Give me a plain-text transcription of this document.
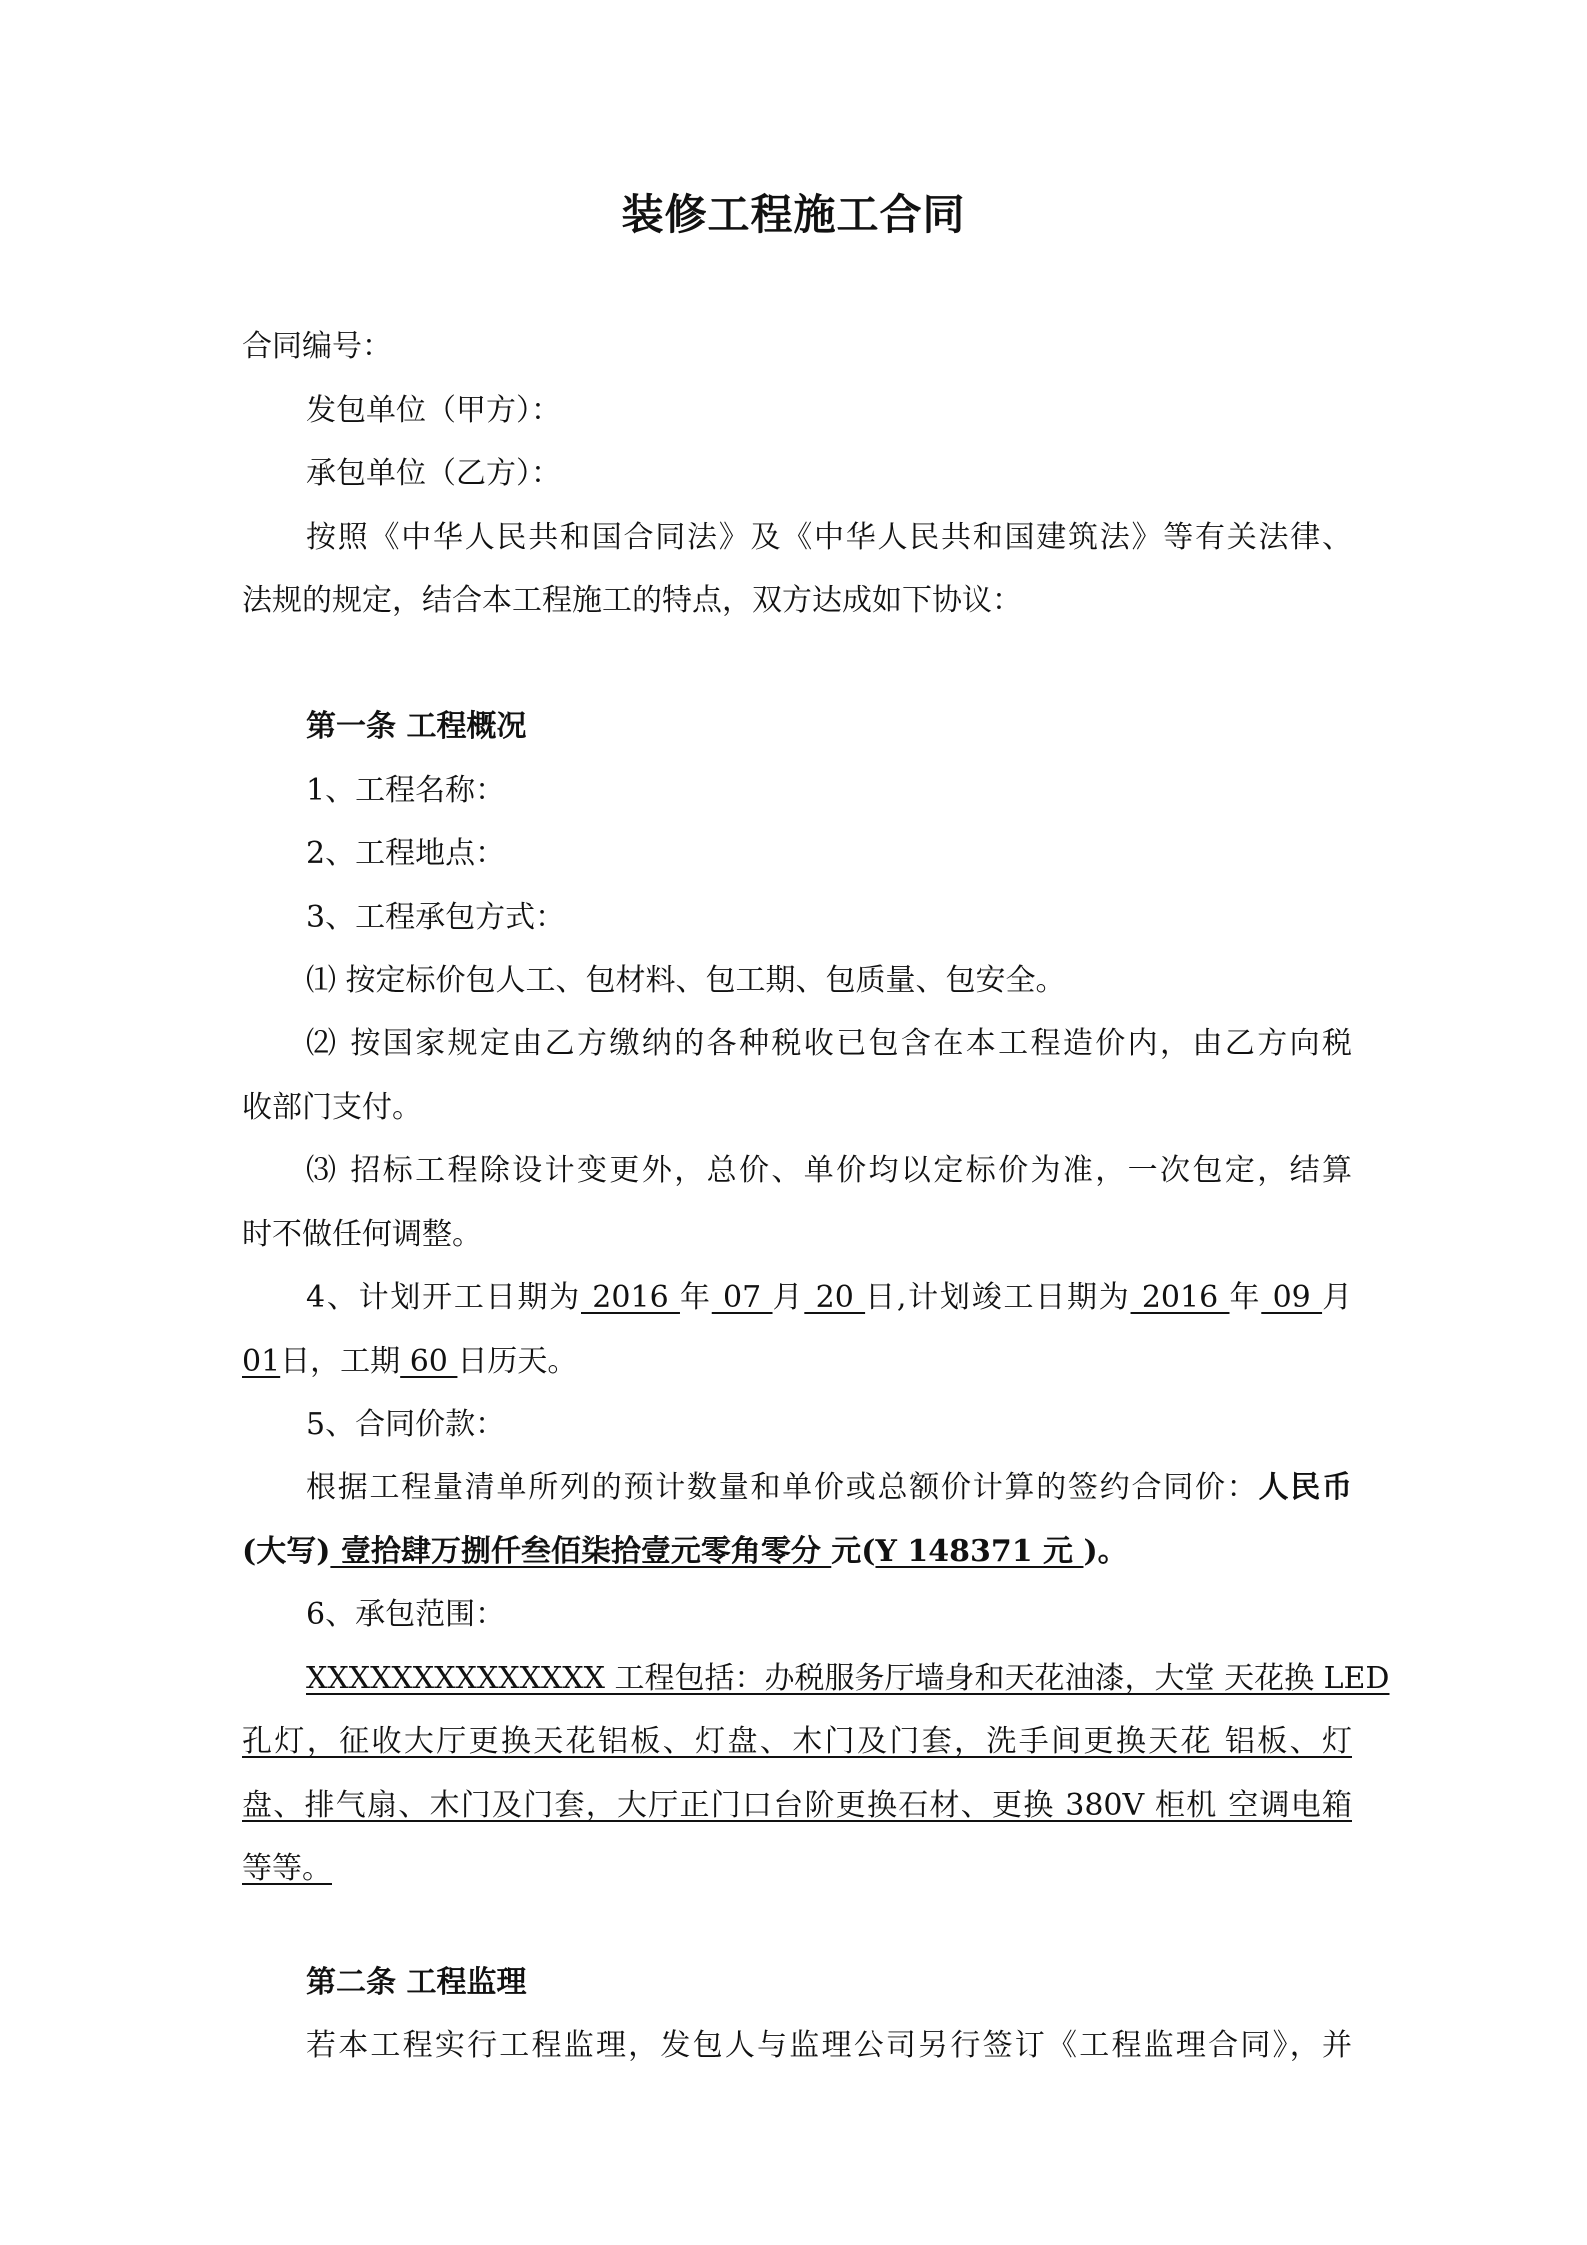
装修工程施工合同
合同编号：
发包单位（甲方）：
承包单位（乙方）：
按照《中华人民共和国合同法》及《中华人民共和国建筑法》等有关法律、
法规的规定，结合本工程施工的特点，双方达成如下协议：
第一条 工程概况
1、工程名称：
2、工程地点：
3、工程承包方式：
⑴ 按定标价包人工、包材料、包工期、包质量、包安全。
⑵ 按国家规定由乙方缴纳的各种税收已包含在本工程造价内，由乙方向税
收部门支付。
⑶ 招标工程除设计变更外，总价、单价均以定标价为准，一次包定，结算
时不做任何调整。
4、计划开工日期为 2016 年 07 月 20 日,计划竣工日期为 2016 年 09 月
01日，工期 60 日历天。
5、合同价款：
根据工程量清单所列的预计数量和单价或总额价计算的签约合同价：人民币
(大写) 壹拾肆万捌仟叁佰柒拾壹元零角零分 元(Y 148371 元 )。
6、承包范围：
XXXXXXXXXXXXXX 工程包括：办税服务厅墙身和天花油漆，大堂 天花换 LED
孔灯，征收大厅更换天花铝板、灯盘、木门及门套，洗手间更换天花 铝板、灯
盘、排气扇、木门及门套，大厅正门口台阶更换石材、更换 380V 柜机 空调电箱
等等。
第二条 工程监理
若本工程实行工程监理，发包人与监理公司另行签订《工程监理合同》，并
